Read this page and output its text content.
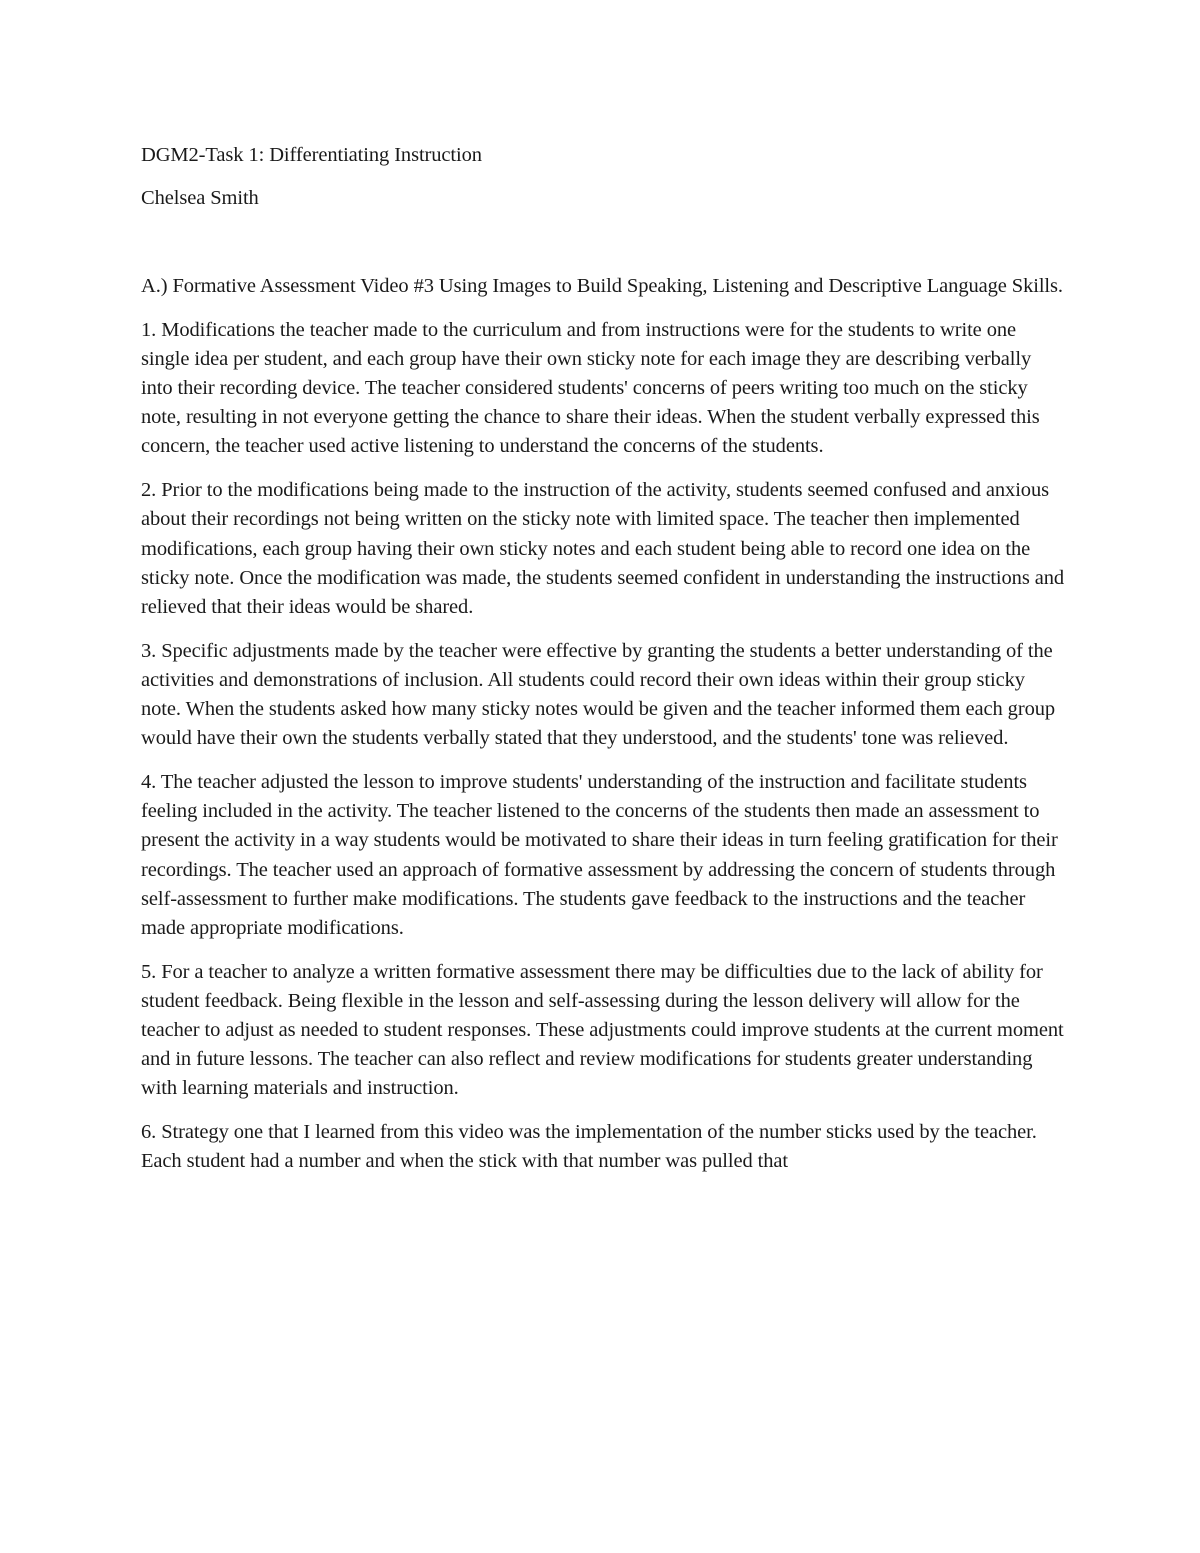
DGM2-Task 1: Differentiating Instruction

Chelsea Smith

A.) Formative Assessment Video #3 Using Images to Build Speaking, Listening and Descriptive Language Skills.

1. Modifications the teacher made to the curriculum and from instructions were for the students to write one single idea per student, and each group have their own sticky note for each image they are describing verbally into their recording device. The teacher considered students' concerns of peers writing too much on the sticky note, resulting in not everyone getting the chance to share their ideas. When the student verbally expressed this concern, the teacher used active listening to understand the concerns of the students.

2. Prior to the modifications being made to the instruction of the activity, students seemed confused and anxious about their recordings not being written on the sticky note with limited space. The teacher then implemented modifications, each group having their own sticky notes and each student being able to record one idea on the sticky note. Once the modification was made, the students seemed confident in understanding the instructions and relieved that their ideas would be shared.

3. Specific adjustments made by the teacher were effective by granting the students a better understanding of the activities and demonstrations of inclusion. All students could record their own ideas within their group sticky note. When the students asked how many sticky notes would be given and the teacher informed them each group would have their own the students verbally stated that they understood, and the students' tone was relieved.

4. The teacher adjusted the lesson to improve students' understanding of the instruction and facilitate students feeling included in the activity. The teacher listened to the concerns of the students then made an assessment to present the activity in a way students would be motivated to share their ideas in turn feeling gratification for their recordings. The teacher used an approach of formative assessment by addressing the concern of students through self-assessment to further make modifications. The students gave feedback to the instructions and the teacher made appropriate modifications.

5. For a teacher to analyze a written formative assessment there may be difficulties due to the lack of ability for student feedback. Being flexible in the lesson and self-assessing during the lesson delivery will allow for the teacher to adjust as needed to student responses. These adjustments could improve students at the current moment and in future lessons. The teacher can also reflect and review modifications for students greater understanding with learning materials and instruction.

6. Strategy one that I learned from this video was the implementation of the number sticks used by the teacher. Each student had a number and when the stick with that number was pulled that
